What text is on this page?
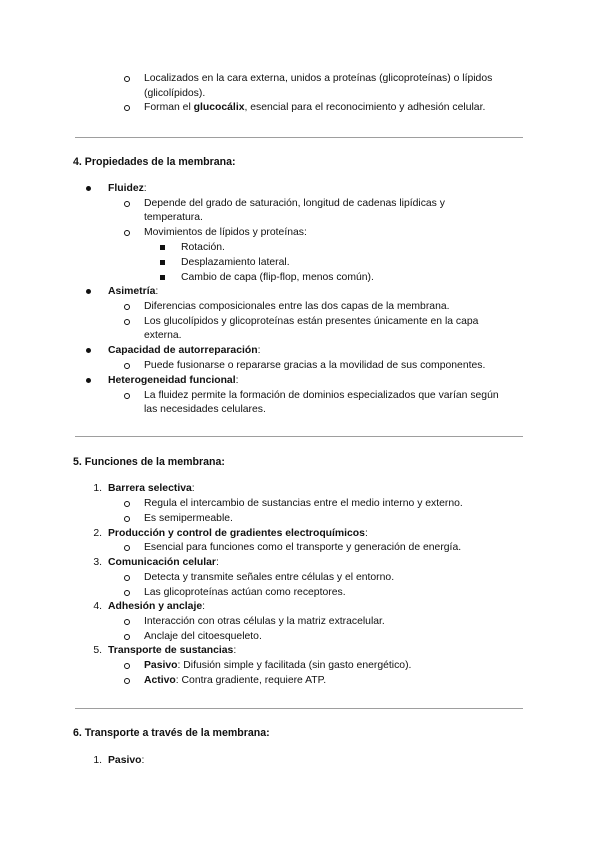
Localizados en la cara externa, unidos a proteínas (glicoproteínas) o lípidos
(glicolípidos).
Forman el glucocálix, esencial para el reconocimiento y adhesión celular.
4. Propiedades de la membrana:
Fluidez:
Depende del grado de saturación, longitud de cadenas lipídicas y
temperatura.
Movimientos de lípidos y proteínas:
Rotación.
Desplazamiento lateral.
Cambio de capa (flip-flop, menos común).
Asimetría:
Diferencias composicionales entre las dos capas de la membrana.
Los glucolípidos y glicoproteínas están presentes únicamente en la capa
externa.
Capacidad de autorreparación:
Puede fusionarse o repararse gracias a la movilidad de sus componentes.
Heterogeneidad funcional:
La fluidez permite la formación de dominios especializados que varían según
las necesidades celulares.
5. Funciones de la membrana:
1. Barrera selectiva:
Regula el intercambio de sustancias entre el medio interno y externo.
Es semipermeable.
2. Producción y control de gradientes electroquímicos:
Esencial para funciones como el transporte y generación de energía.
3. Comunicación celular:
Detecta y transmite señales entre células y el entorno.
Las glicoproteínas actúan como receptores.
4. Adhesión y anclaje:
Interacción con otras células y la matriz extracelular.
Anclaje del citoesqueleto.
5. Transporte de sustancias:
Pasivo: Difusión simple y facilitada (sin gasto energético).
Activo: Contra gradiente, requiere ATP.
6. Transporte a través de la membrana:
1. Pasivo:
